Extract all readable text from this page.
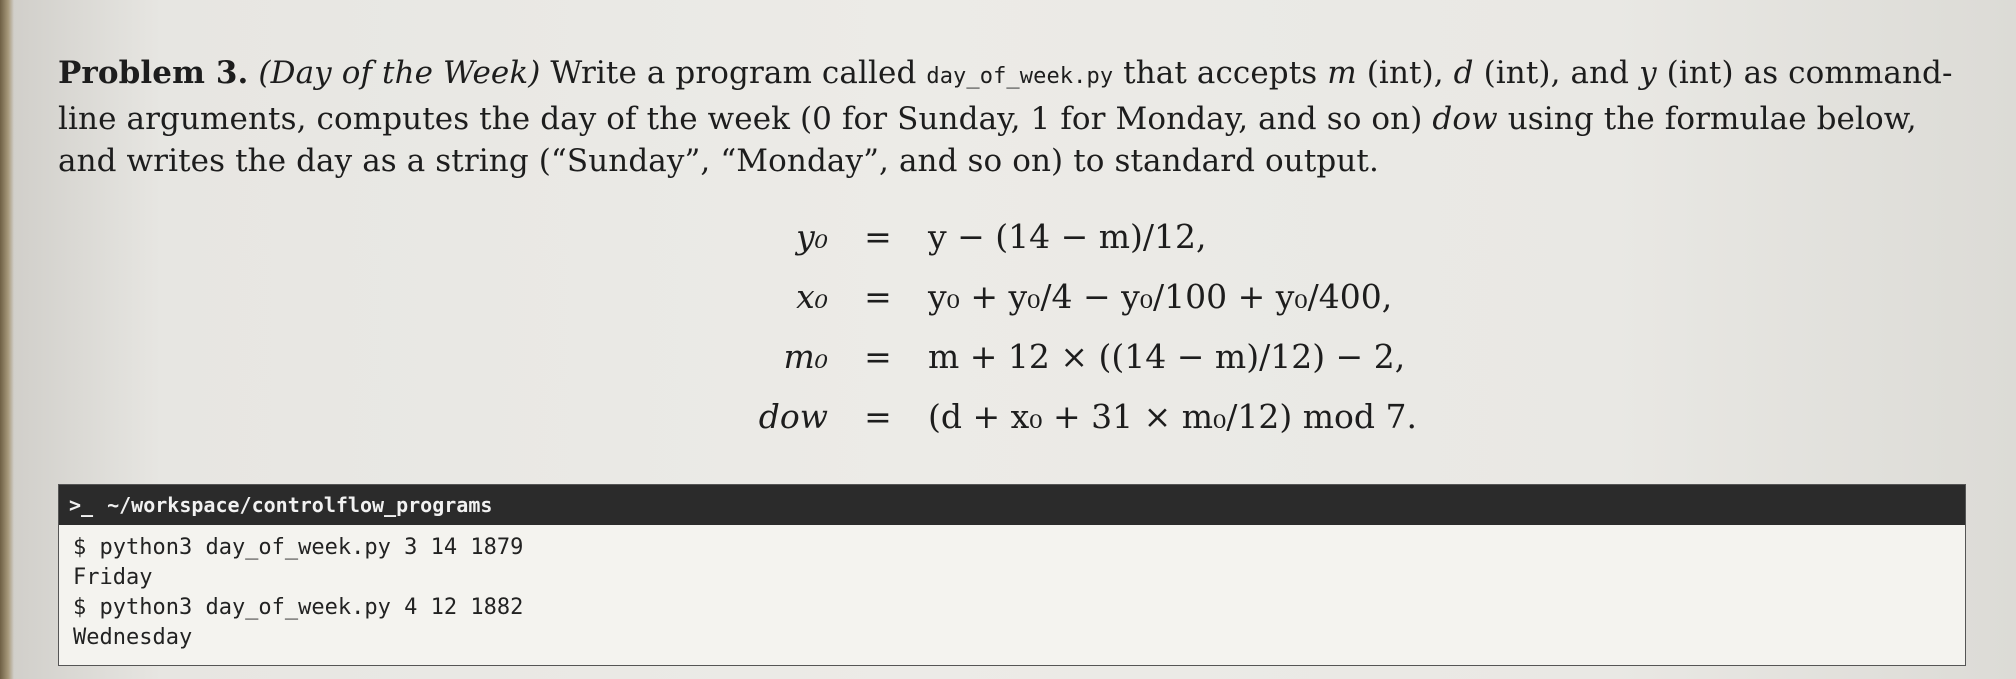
Problem 3. (Day of the Week) Write a program called day_of_week.py that accepts m (int), d (int), and y (int) as command-line arguments, computes the day of the week (0 for Sunday, 1 for Monday, and so on) dow using the formulae below, and writes the day as a string (“Sunday”, “Monday”, and so on) to standard output.

y₀	=	y − (14 − m)/12,
x₀	=	y₀ + y₀/4 − y₀/100 + y₀/400,
m₀	=	m + 12 × ((14 − m)/12) − 2,
dow	=	(d + x₀ + 31 × m₀/12) mod 7.
>_ ~/workspace/controlflow_programs
$ python3 day_of_week.py 3 14 1879
Friday
$ python3 day_of_week.py 4 12 1882
Wednesday
